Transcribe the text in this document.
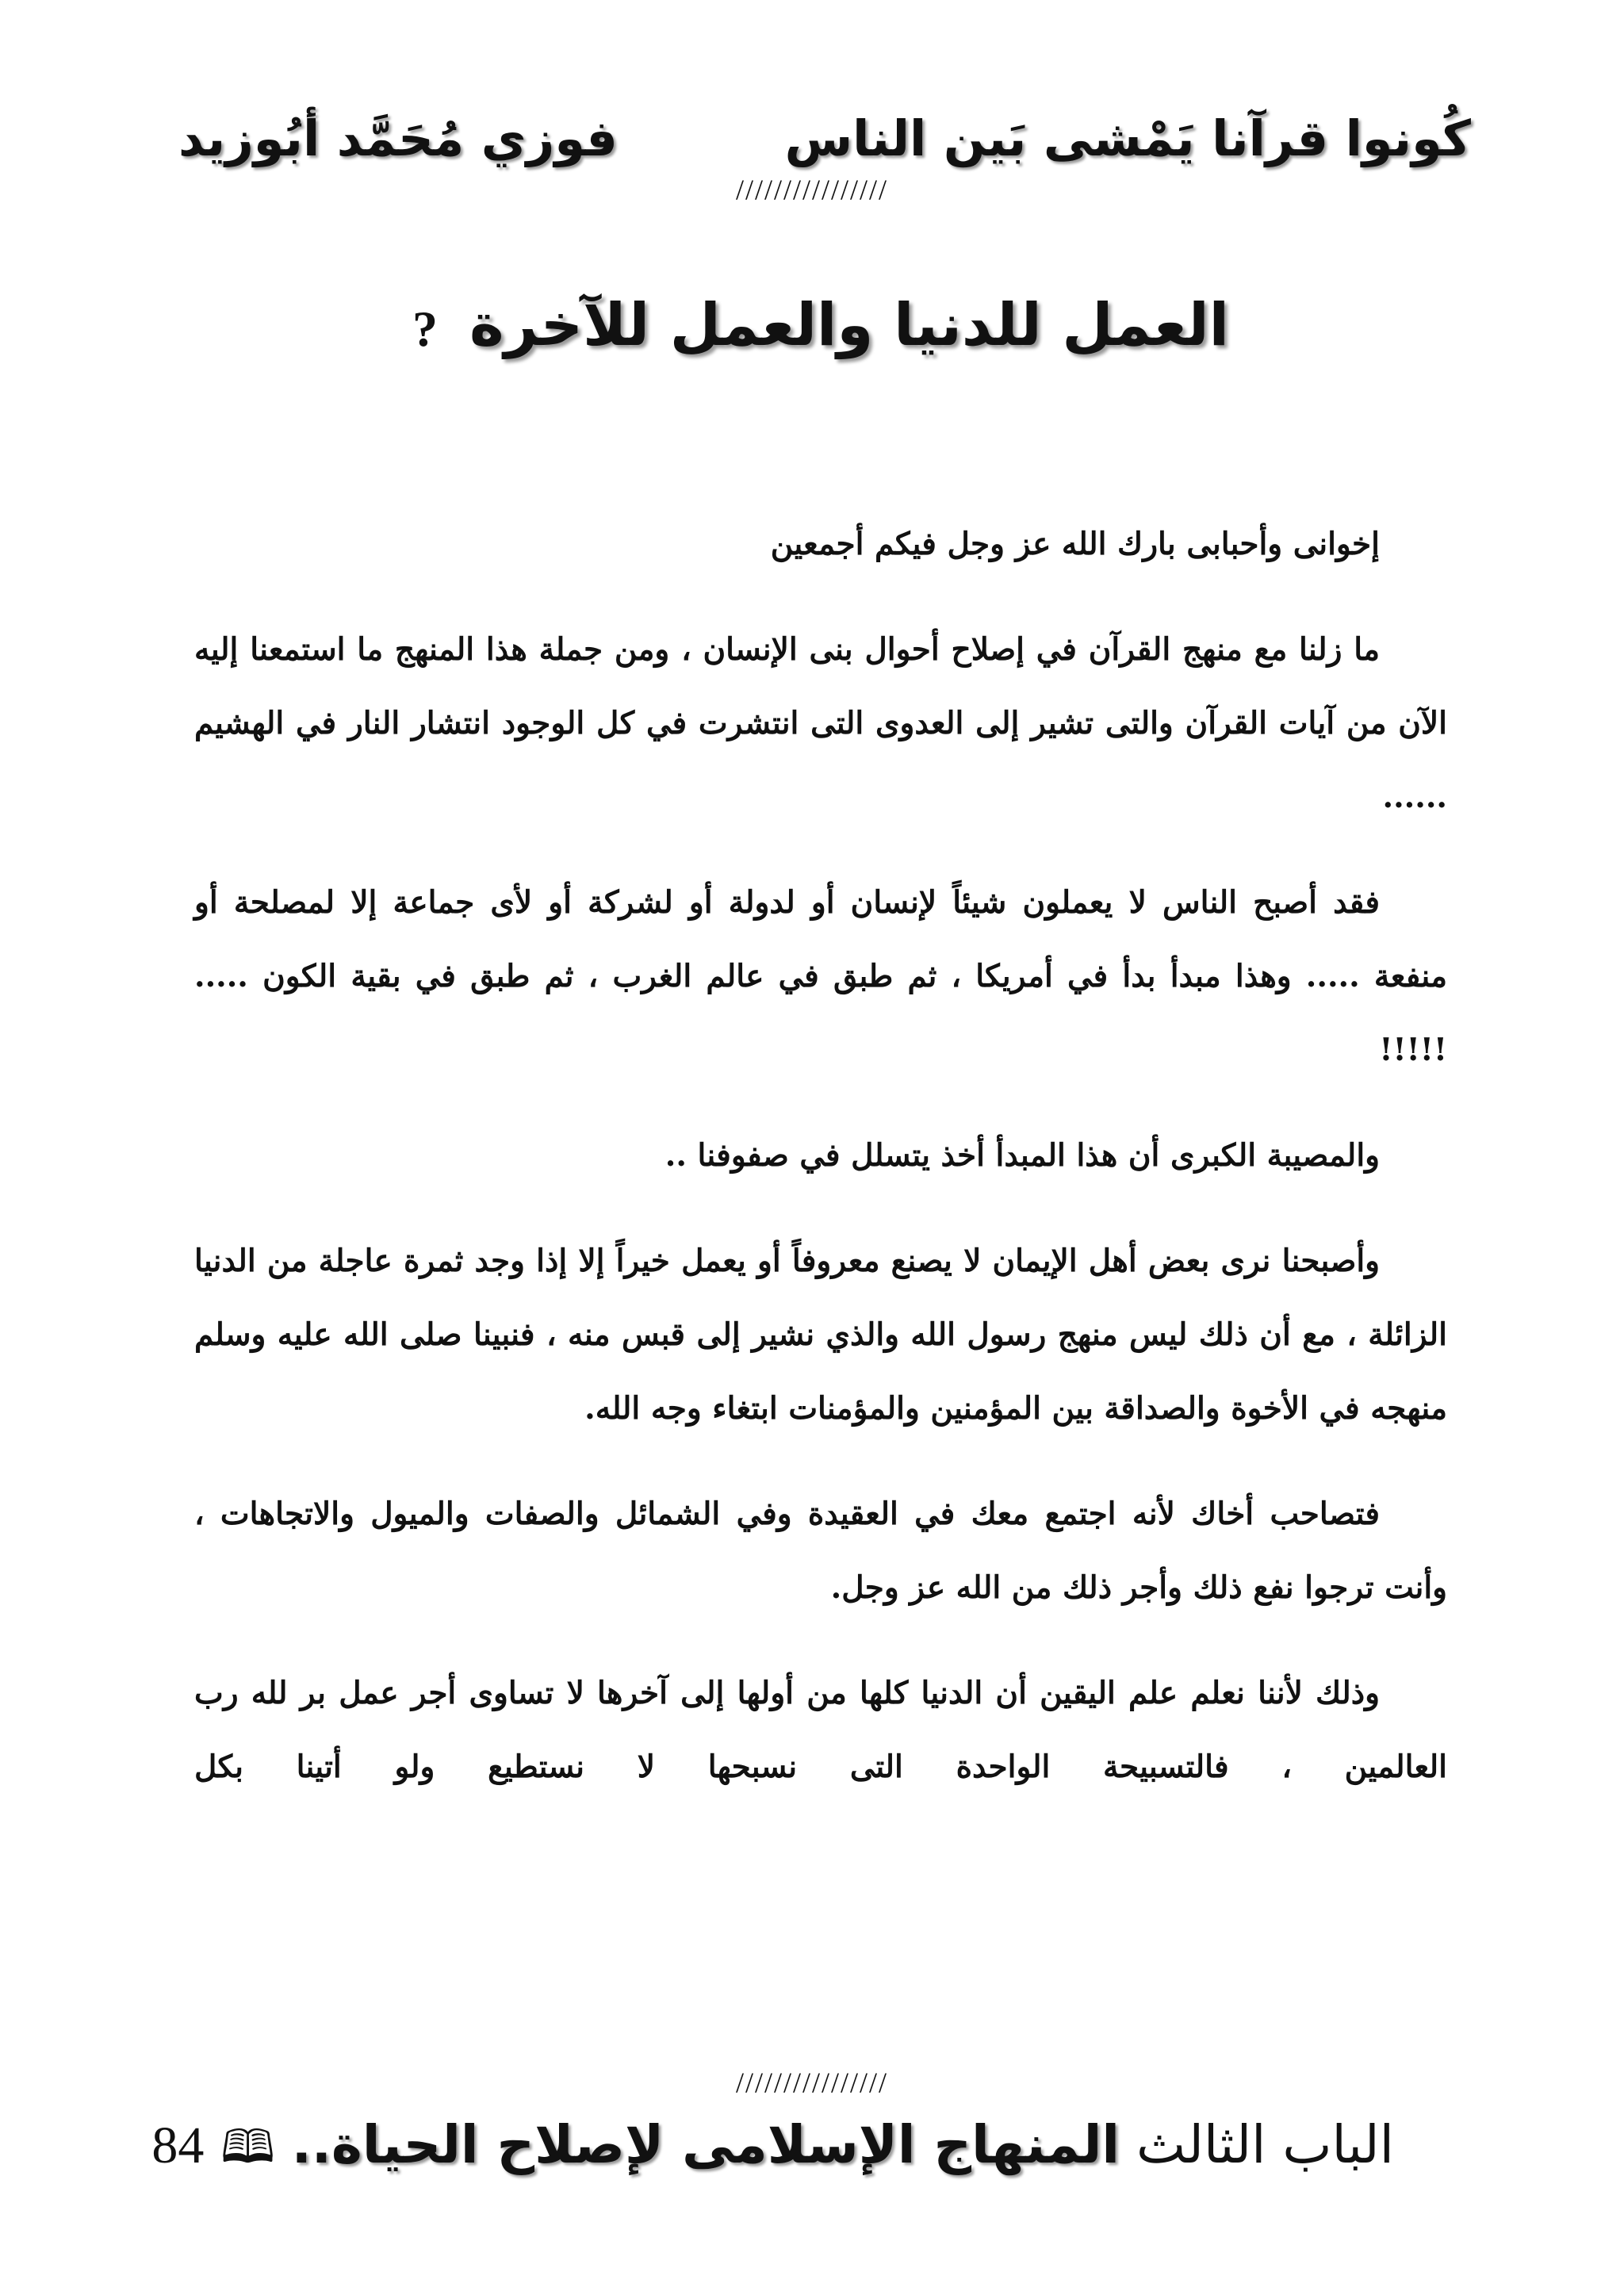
كُونوا قرآنا يَمْشى بَين الناس
فوزي مُحَمَّد أبُوزيد
////////////////
العمل للدنيا والعمل للآخرة
?

إخوانى وأحبابى بارك الله عز وجل فيكم أجمعين

ما زلنا مع منهج القرآن في إصلاح أحوال بنى الإنسان ، ومن جملة هذا المنهج ما استمعنا إليه الآن من آيات القرآن والتى تشير إلى العدوى التى انتشرت في كل الوجود انتشار النار في الهشيم ......

فقد أصبح الناس لا يعملون شيئاً لإنسان أو لدولة أو لشركة أو لأى جماعة إلا لمصلحة أو منفعة ..... وهذا مبدأ بدأ في أمريكا ، ثم طبق في عالم الغرب ، ثم طبق في بقية الكون ..... !!!!!

والمصيبة الكبرى أن هذا المبدأ أخذ يتسلل في صفوفنا ..

وأصبحنا نرى بعض أهل الإيمان لا يصنع معروفاً أو يعمل خيراً إلا إذا وجد ثمرة عاجلة من الدنيا الزائلة ، مع أن ذلك ليس منهج رسول الله والذي نشير إلى قبس منه ، فنبينا صلى الله عليه وسلم منهجه في الأخوة والصداقة بين المؤمنين والمؤمنات ابتغاء وجه الله.

فتصاحب أخاك لأنه اجتمع معك في العقيدة وفي الشمائل والصفات والميول والاتجاهات ، وأنت ترجوا نفع ذلك وأجر ذلك من الله عز وجل.

وذلك لأننا نعلم علم اليقين أن الدنيا كلها من أولها إلى آخرها لا تساوى أجر عمل بر لله رب العالمين ، فالتسبيحة الواحدة التى نسبحها لا نستطيع ولو أتينا بكل

////////////////
الباب الثالث المنهاج الإسلامى لإصلاح الحياة.. 🕮 84
